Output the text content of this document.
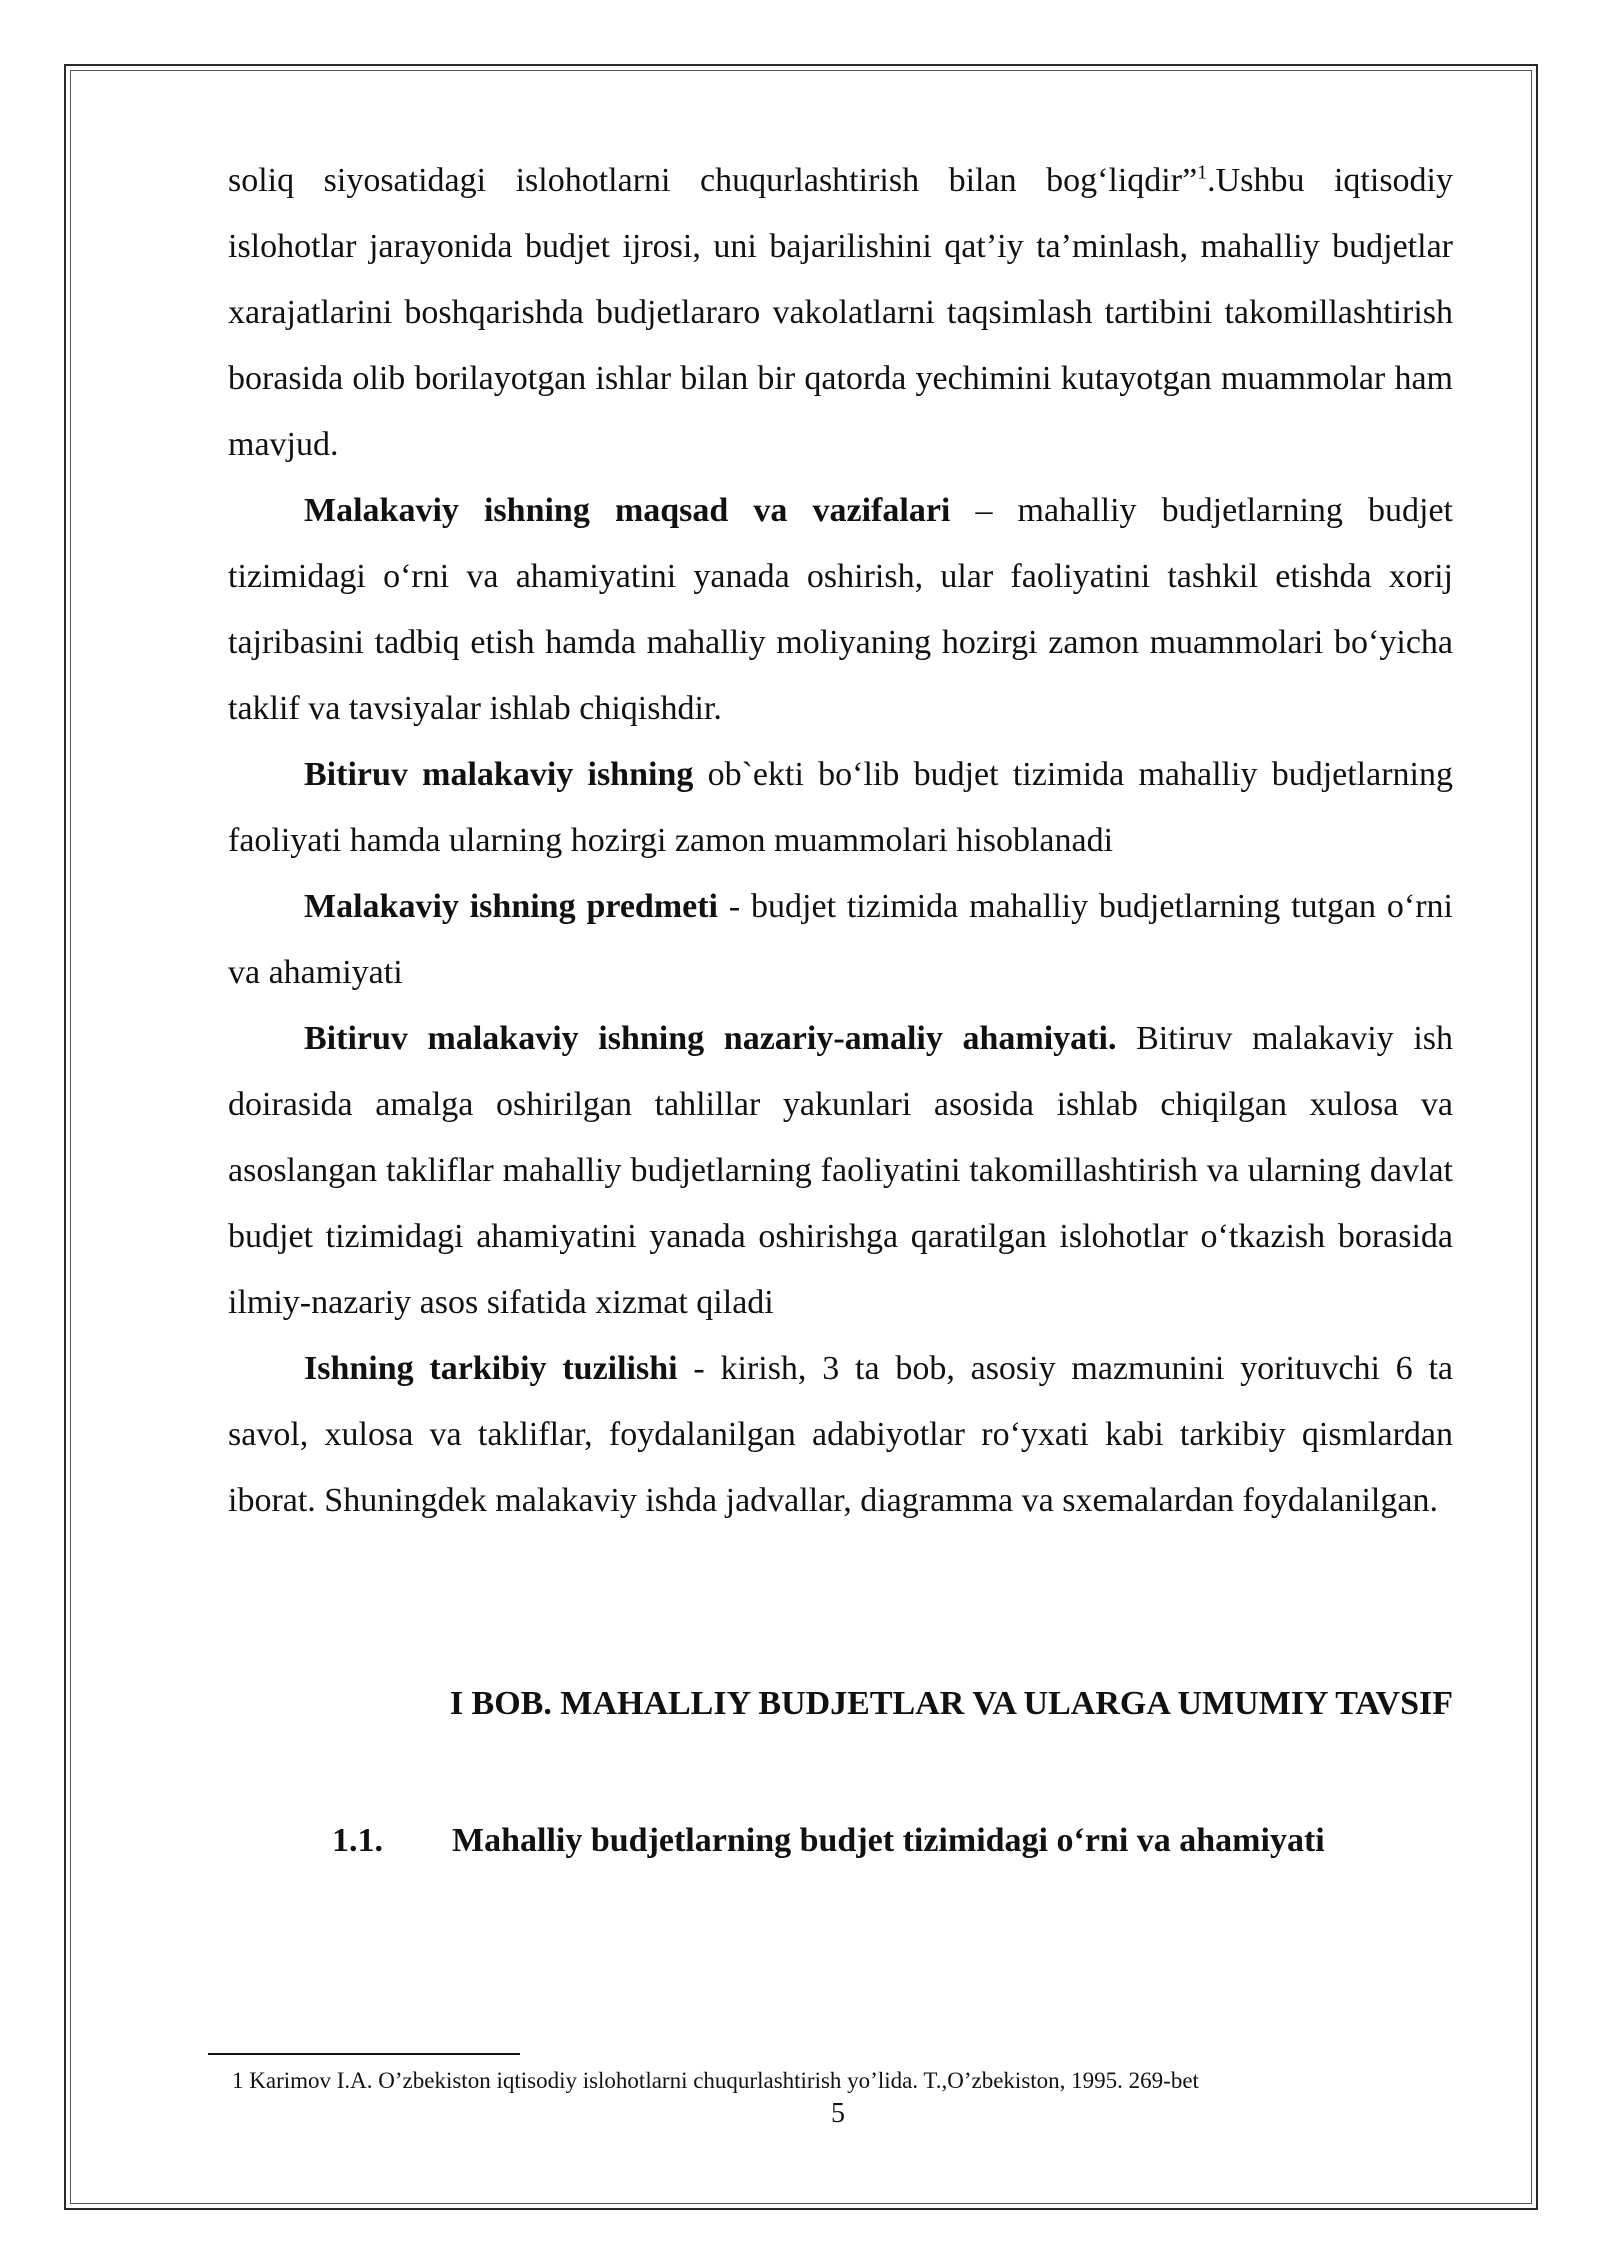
soliq siyosatidagi islohotlarni chuqurlashtirish bilan bog‘liqdir”$^1$.Ushbu iqtisodiy islohotlar jarayonida budjet ijrosi, uni bajarilishini qat’iy ta’minlash, mahalliy budjetlar xarajatlarini boshqarishda budjetlararo vakolatlarni taqsimlash tartibini takomillashtirish borasida olib borilayotgan ishlar bilan bir qatorda yechimini kutayotgan muammolar ham mavjud.

Malakaviy ishning maqsad va vazifalari – mahalliy budjetlarning budjet tizimidagi o‘rni va ahamiyatini yanada oshirish, ular faoliyatini tashkil etishda xorij tajribasini tadbiq etish hamda mahalliy moliyaning hozirgi zamon muammolari bo‘yicha taklif va tavsiyalar ishlab chiqishdir.

Bitiruv malakaviy ishning ob`ekti bo‘lib budjet tizimida mahalliy budjetlarning faoliyati hamda ularning hozirgi zamon muammolari hisoblanadi

Malakaviy ishning predmeti - budjet tizimida mahalliy budjetlarning tutgan o‘rni va ahamiyati

Bitiruv malakaviy ishning nazariy-amaliy ahamiyati. Bitiruv malakaviy ish doirasida amalga oshirilgan tahlillar yakunlari asosida ishlab chiqilgan xulosa va asoslangan takliflar mahalliy budjetlarning faoliyatini takomillashtirish va ularning davlat budjet tizimidagi ahamiyatini yanada oshirishga qaratilgan islohotlar o‘tkazish borasida ilmiy-nazariy asos sifatida xizmat qiladi

Ishning tarkibiy tuzilishi - kirish, 3 ta bob, asosiy mazmunini yorituvchi 6 ta savol, xulosa va takliflar, foydalanilgan adabiyotlar ro‘yxati kabi tarkibiy qismlardan iborat. Shuningdek malakaviy ishda jadvallar, diagramma va sxemalardan foydalanilgan.

I BOB. MAHALLIY BUDJETLAR VA ULARGA UMUMIY TAVSIF
1.1. Mahalliy budjetlarning budjet tizimidagi o‘rni va ahamiyati

1 Karimov I.A. O’zbekiston iqtisodiy islohotlarni chuqurlashtirish yo’lida. T.,O’zbekiston, 1995. 269-bet

5
